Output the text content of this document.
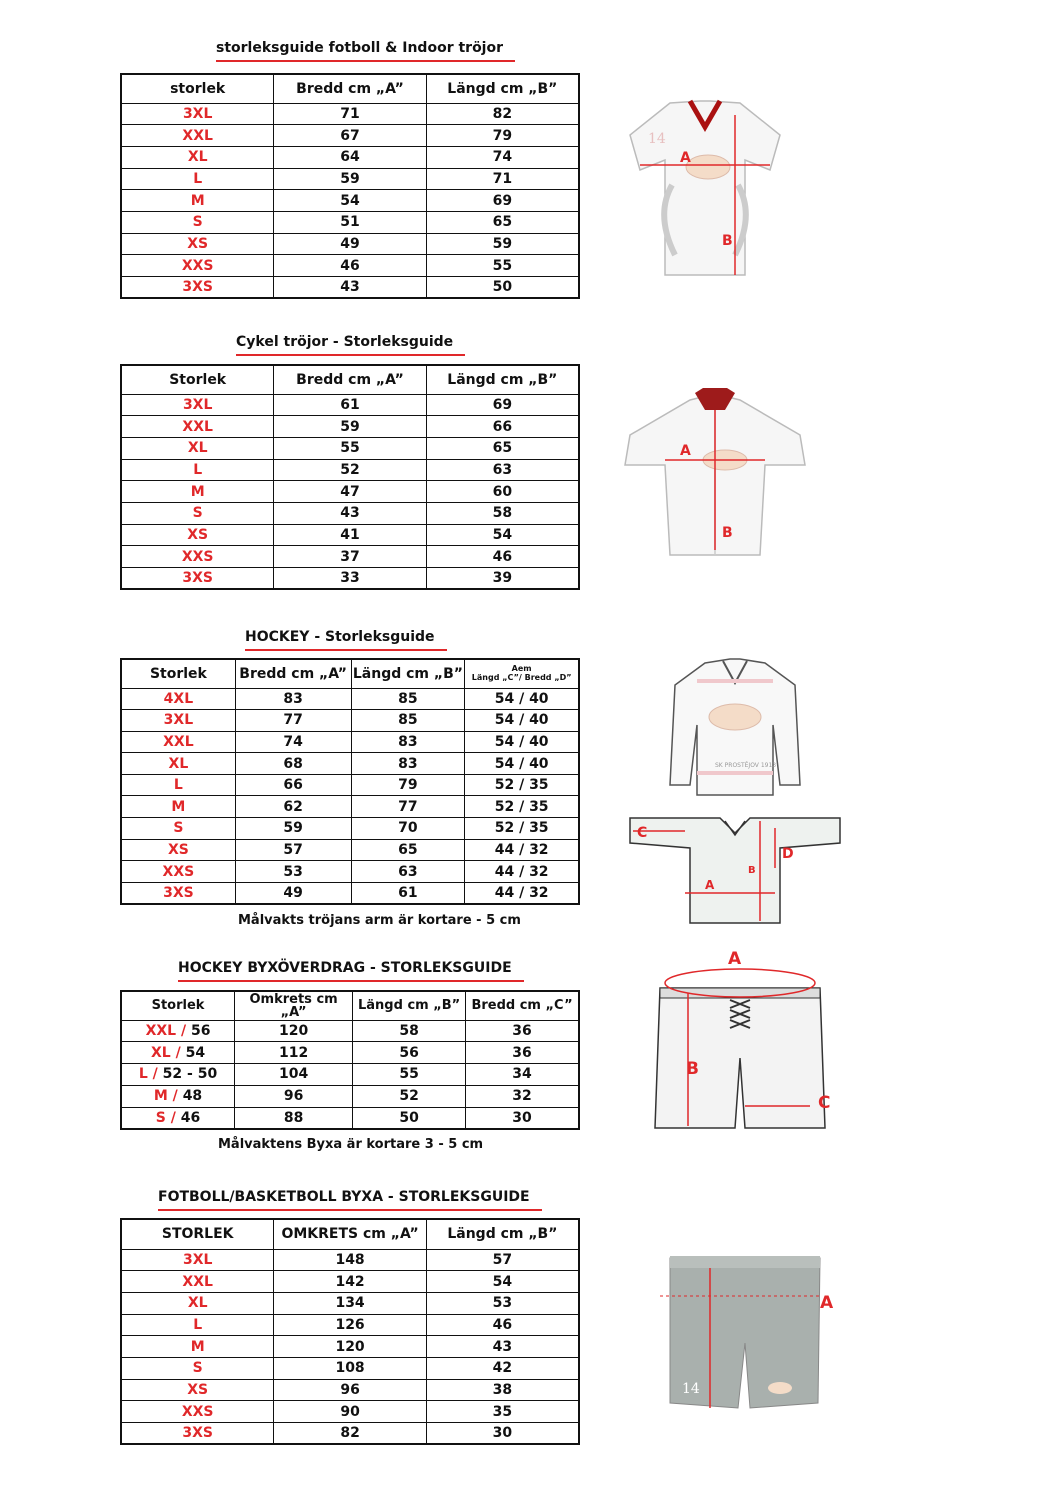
storleksguide fotboll & Indoor tröjor
storlek	Bredd cm „A”	Längd cm „B”
3XL	71	82
XXL	67	79
XL	64	74
L	59	71
M	54	69
S	51	65
XS	49	59
XXS	46	55
3XS	43	50
14
A
B
Cykel tröjor - Storleksguide
Storlek	Bredd cm „A”	Längd cm „B”
3XL	61	69
XXL	59	66
XL	55	65
L	52	63
M	47	60
S	43	58
XS	41	54
XXS	37	46
3XS	33	39
A
B
HOCKEY - Storleksguide
Storlek	Bredd cm „A”	Längd cm „B”	Aem
Längd „C”/ Bredd „D”

4XL	83	85	54 / 40
3XL	77	85	54 / 40
XXL	74	83	54 / 40
XL	68	83	54 / 40
L	66	79	52 / 35
M	62	77	52 / 35
S	59	70	52 / 35
XS	57	65	44 / 32
XXS	53	63	44 / 32
3XS	49	61	44 / 32
Målvakts tröjans arm är kortare - 5 cm
SK PROSTĚJOV 1913
C
A
B
D
HOCKEY BYXÖVERDRAG - STORLEKSGUIDE
Storlek	Omkrets cm „A”	Längd cm „B”	Bredd cm „C”
XXL / 56	120	58	36
XL / 54	112	56	36
L / 52 - 50	104	55	34
M / 48	96	52	32
S / 46	88	50	30
Målvaktens Byxa är kortare 3 - 5 cm
A
B
C
FOTBOLL/BASKETBOLL BYXA - STORLEKSGUIDE
STORLEK	OMKRETS cm „A”	Längd cm „B”
3XL	148	57
XXL	142	54
XL	134	53
L	126	46
M	120	43
S	108	42
XS	96	38
XXS	90	35
3XS	82	30
14
A
